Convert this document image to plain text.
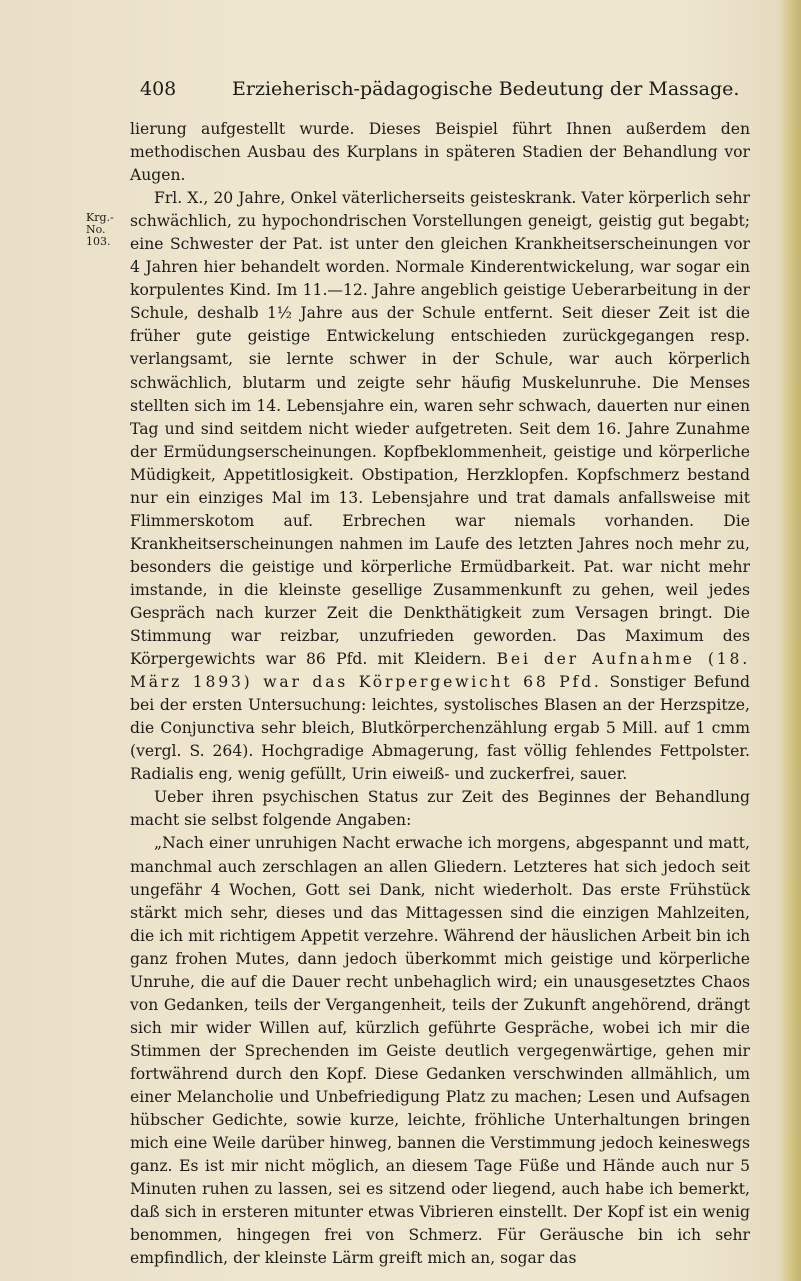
408	Erzieherisch-pädagogische Bedeutung der Massage.
Krg.-
No. 103.

lierung aufgestellt wurde. Dieses Beispiel führt Ihnen außerdem den methodischen Ausbau des Kurplans in späteren Stadien der Behandlung vor Augen.

Frl. X., 20 Jahre, Onkel väterlicherseits geisteskrank. Vater körperlich sehr schwächlich, zu hypochondrischen Vorstellungen geneigt, geistig gut begabt; eine Schwester der Pat. ist unter den gleichen Krankheitserscheinungen vor 4 Jahren hier behandelt worden. Normale Kinderentwickelung, war sogar ein korpulentes Kind. Im 11.—12. Jahre angeblich geistige Ueberarbeitung in der Schule, deshalb 1½ Jahre aus der Schule entfernt. Seit dieser Zeit ist die früher gute geistige Entwickelung entschieden zurückgegangen resp. verlangsamt, sie lernte schwer in der Schule, war auch körperlich schwächlich, blutarm und zeigte sehr häufig Muskelunruhe. Die Menses stellten sich im 14. Lebensjahre ein, waren sehr schwach, dauerten nur einen Tag und sind seitdem nicht wieder aufgetreten. Seit dem 16. Jahre Zunahme der Ermüdungserscheinungen. Kopfbeklommenheit, geistige und körperliche Müdigkeit, Appetitlosigkeit. Obstipation, Herzklopfen. Kopfschmerz bestand nur ein einziges Mal im 13. Lebensjahre und trat damals anfallsweise mit Flimmerskotom auf. Erbrechen war niemals vorhanden. Die Krankheitserscheinungen nahmen im Laufe des letzten Jahres noch mehr zu, besonders die geistige und körperliche Ermüdbarkeit. Pat. war nicht mehr imstande, in die kleinste gesellige Zusammenkunft zu gehen, weil jedes Gespräch nach kurzer Zeit die Denkthätigkeit zum Versagen bringt. Die Stimmung war reizbar, unzufrieden geworden. Das Maximum des Körpergewichts war 86 Pfd. mit Kleidern. Bei der Aufnahme (18. März 1893) war das Körpergewicht 68 Pfd. Sonstiger Befund bei der ersten Untersuchung: leichtes, systolisches Blasen an der Herzspitze, die Conjunctiva sehr bleich, Blutkörperchenzählung ergab 5 Mill. auf 1 cmm (vergl. S. 264). Hochgradige Abmagerung, fast völlig fehlendes Fettpolster. Radialis eng, wenig gefüllt, Urin eiweiß- und zuckerfrei, sauer.

Ueber ihren psychischen Status zur Zeit des Beginnes der Behandlung macht sie selbst folgende Angaben:

„Nach einer unruhigen Nacht erwache ich morgens, abgespannt und matt, manchmal auch zerschlagen an allen Gliedern. Letzteres hat sich jedoch seit ungefähr 4 Wochen, Gott sei Dank, nicht wiederholt. Das erste Frühstück stärkt mich sehr, dieses und das Mittagessen sind die einzigen Mahlzeiten, die ich mit richtigem Appetit verzehre. Während der häuslichen Arbeit bin ich ganz frohen Mutes, dann jedoch überkommt mich geistige und körperliche Unruhe, die auf die Dauer recht unbehaglich wird; ein unausgesetztes Chaos von Gedanken, teils der Vergangenheit, teils der Zukunft angehörend, drängt sich mir wider Willen auf, kürzlich geführte Gespräche, wobei ich mir die Stimmen der Sprechenden im Geiste deutlich vergegenwärtige, gehen mir fortwährend durch den Kopf. Diese Gedanken verschwinden allmählich, um einer Melancholie und Unbefriedigung Platz zu machen; Lesen und Aufsagen hübscher Gedichte, sowie kurze, leichte, fröhliche Unterhaltungen bringen mich eine Weile darüber hinweg, bannen die Verstimmung jedoch keineswegs ganz. Es ist mir nicht möglich, an diesem Tage Füße und Hände auch nur 5 Minuten ruhen zu lassen, sei es sitzend oder liegend, auch habe ich bemerkt, daß sich in ersteren mitunter etwas Vibrieren einstellt. Der Kopf ist ein wenig benommen, hingegen frei von Schmerz. Für Geräusche bin ich sehr empfindlich, der kleinste Lärm greift mich an, sogar das
